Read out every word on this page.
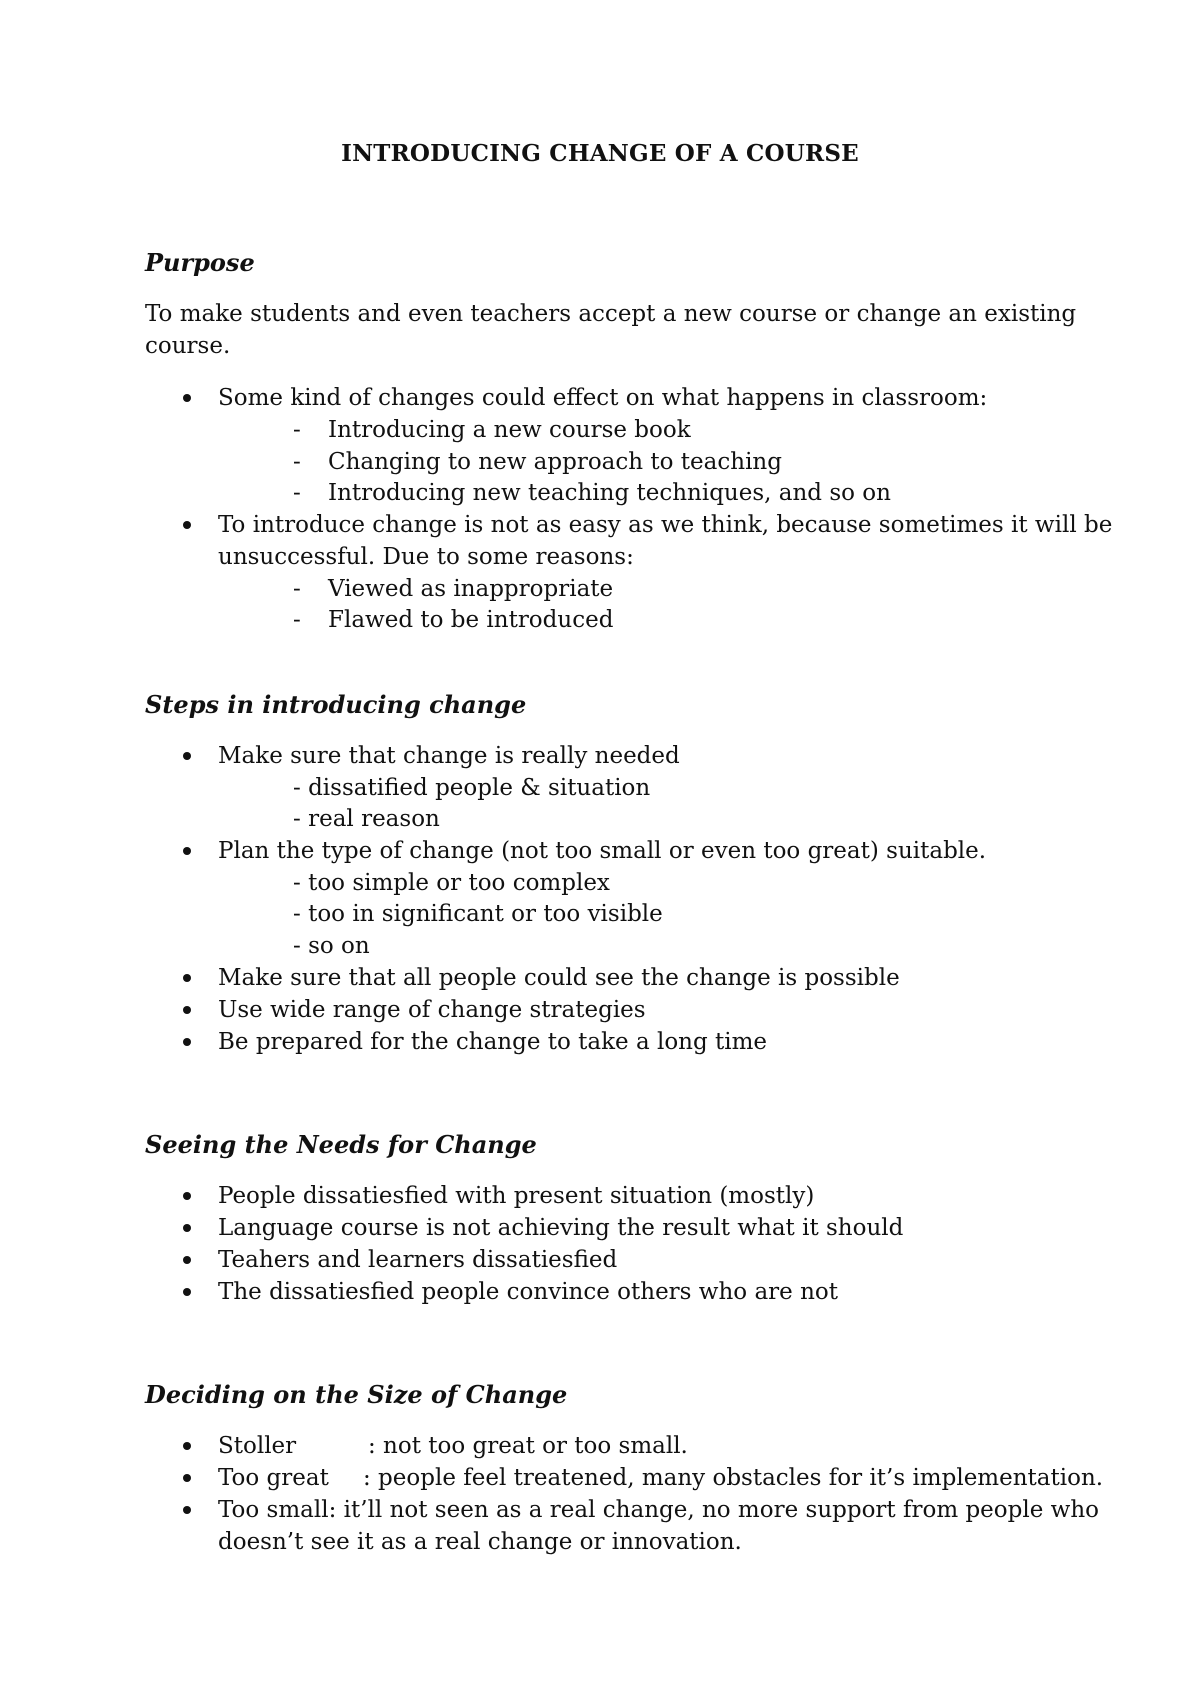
INTRODUCING CHANGE OF A COURSE
Purpose
To make students and even teachers accept a new course or change an existing
course.
Some kind of changes could effect on what happens in classroom:
- Introducing a new course book
- Changing to new approach to teaching
- Introducing new teaching techniques, and so on
To introduce change is not as easy as we think, because sometimes it will be
unsuccessful. Due to some reasons:
- Viewed as inappropriate
- Flawed to be introduced
Steps in introducing change
Make sure that change is really needed
- dissatified people & situation
- real reason
Plan the type of change (not too small or even too great) suitable.
- too simple or too complex
- too in significant or too visible
- so on
Make sure that all people could see the change is possible
Use wide range of change strategies
Be prepared for the change to take a long time
Seeing the Needs for Change
People dissatiesfied with present situation (mostly)
Language course is not achieving the result what it should
Teahers and learners dissatiesfied
The dissatiesfied people convince others who are not
Deciding on the Size of Change
Stoller	: not too great or too small.
Too great : people feel treatened, many obstacles for it’s implementation.
Too small: it’ll not seen as a real change, no more support from people who
doesn’t see it as a real change or innovation.
